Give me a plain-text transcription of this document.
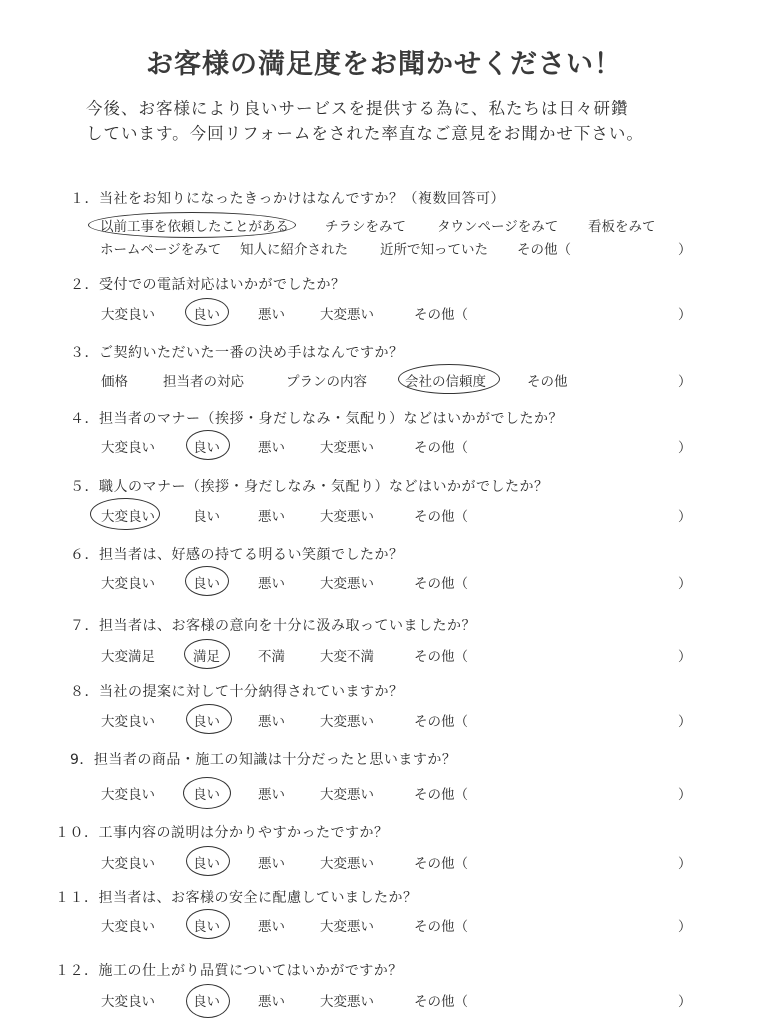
お客様の満足度をお聞かせください！
今後、お客様により良いサービスを提供する為に、私たちは日々研鑽
しています。今回リフォームをされた率直なご意見をお聞かせ下さい。
１．当社をお知りになったきっかけはなんですか？（複数回答可）
以前工事を依頼したことがある	チラシをみて タウンページをみて 看板をみて
ホームページをみて 知人に紹介された 近所で知っていた その他（	）
２．受付での電話対応はいかがでしたか？
大変良い	良い	悪い	大変悪い	その他（	）
３．ご契約いただいた一番の決め手はなんですか？
価格	担当者の対応	プランの内容	会社の信頼度	その他	）
４．担当者のマナー（挨拶・身だしなみ・気配り）などはいかがでしたか？
大変良い	良い	悪い	大変悪い	その他（	）
５．職人のマナー（挨拶・身だしなみ・気配り）などはいかがでしたか？
大変良い	良い	悪い	大変悪い	その他（	）
６．担当者は、好感の持てる明るい笑顔でしたか？
大変良い	良い	悪い	大変悪い	その他（	）
７．担当者は、お客様の意向を十分に汲み取っていましたか？
大変満足	満足	不満	大変不満	その他（	）
８．当社の提案に対して十分納得されていますか？
大変良い	良い	悪い	大変悪い	その他（	）
9．担当者の商品・施工の知識は十分だったと思いますか？
大変良い	良い	悪い	大変悪い	その他（	）
１０．工事内容の説明は分かりやすかったですか？
大変良い	良い	悪い	大変悪い	その他（	）
１１．担当者は、お客様の安全に配慮していましたか？
大変良い	良い	悪い	大変悪い	その他（	）
１２．施工の仕上がり品質についてはいかがですか？
大変良い	良い	悪い	大変悪い	その他（	）
